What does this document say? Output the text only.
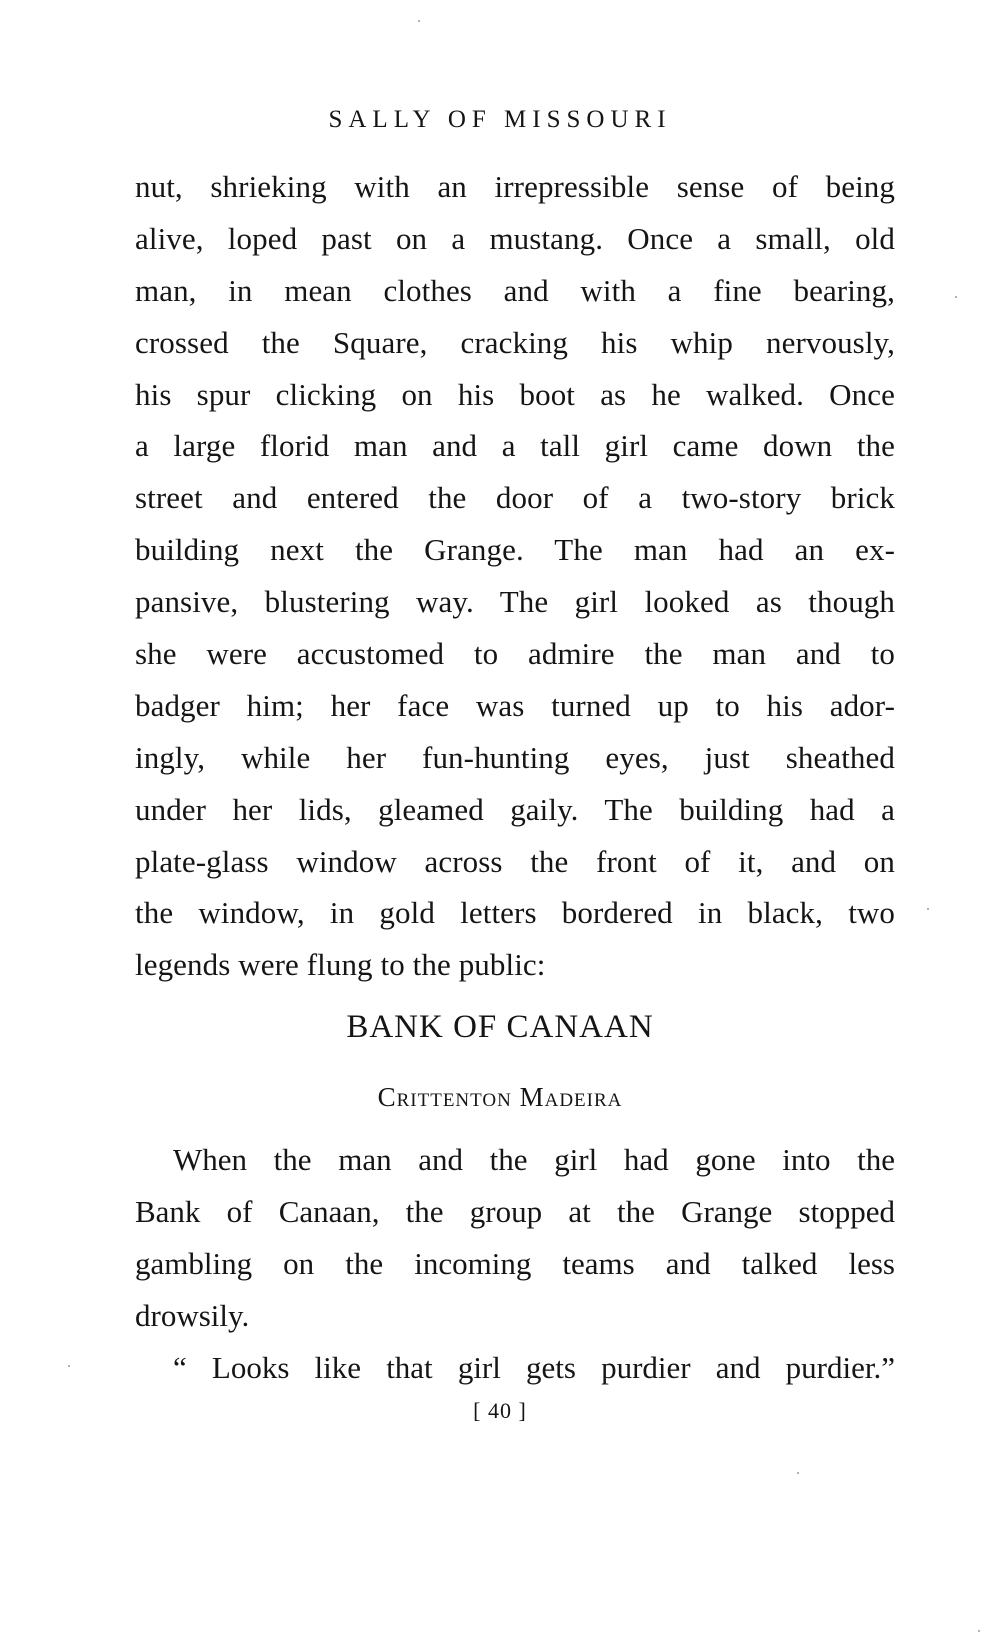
SALLY OF MISSOURI
nut, shrieking with an irrepressible sense of being
alive, loped past on a mustang. Once a small, old
man, in mean clothes and with a fine bearing,
crossed the Square, cracking his whip nervously,
his spur clicking on his boot as he walked. Once
a large florid man and a tall girl came down the
street and entered the door of a two-story brick
building next the Grange. The man had an ex-
pansive, blustering way. The girl looked as though
she were accustomed to admire the man and to
badger him; her face was turned up to his ador-
ingly, while her fun-hunting eyes, just sheathed
under her lids, gleamed gaily. The building had a
plate-glass window across the front of it, and on
the window, in gold letters bordered in black, two
legends were flung to the public:
BANK OF CANAAN
Crittenton Madeira
When the man and the girl had gone into the
Bank of Canaan, the group at the Grange stopped
gambling on the incoming teams and talked less
drowsily.
“ Looks like that girl gets purdier and purdier.”
[ 40 ]
